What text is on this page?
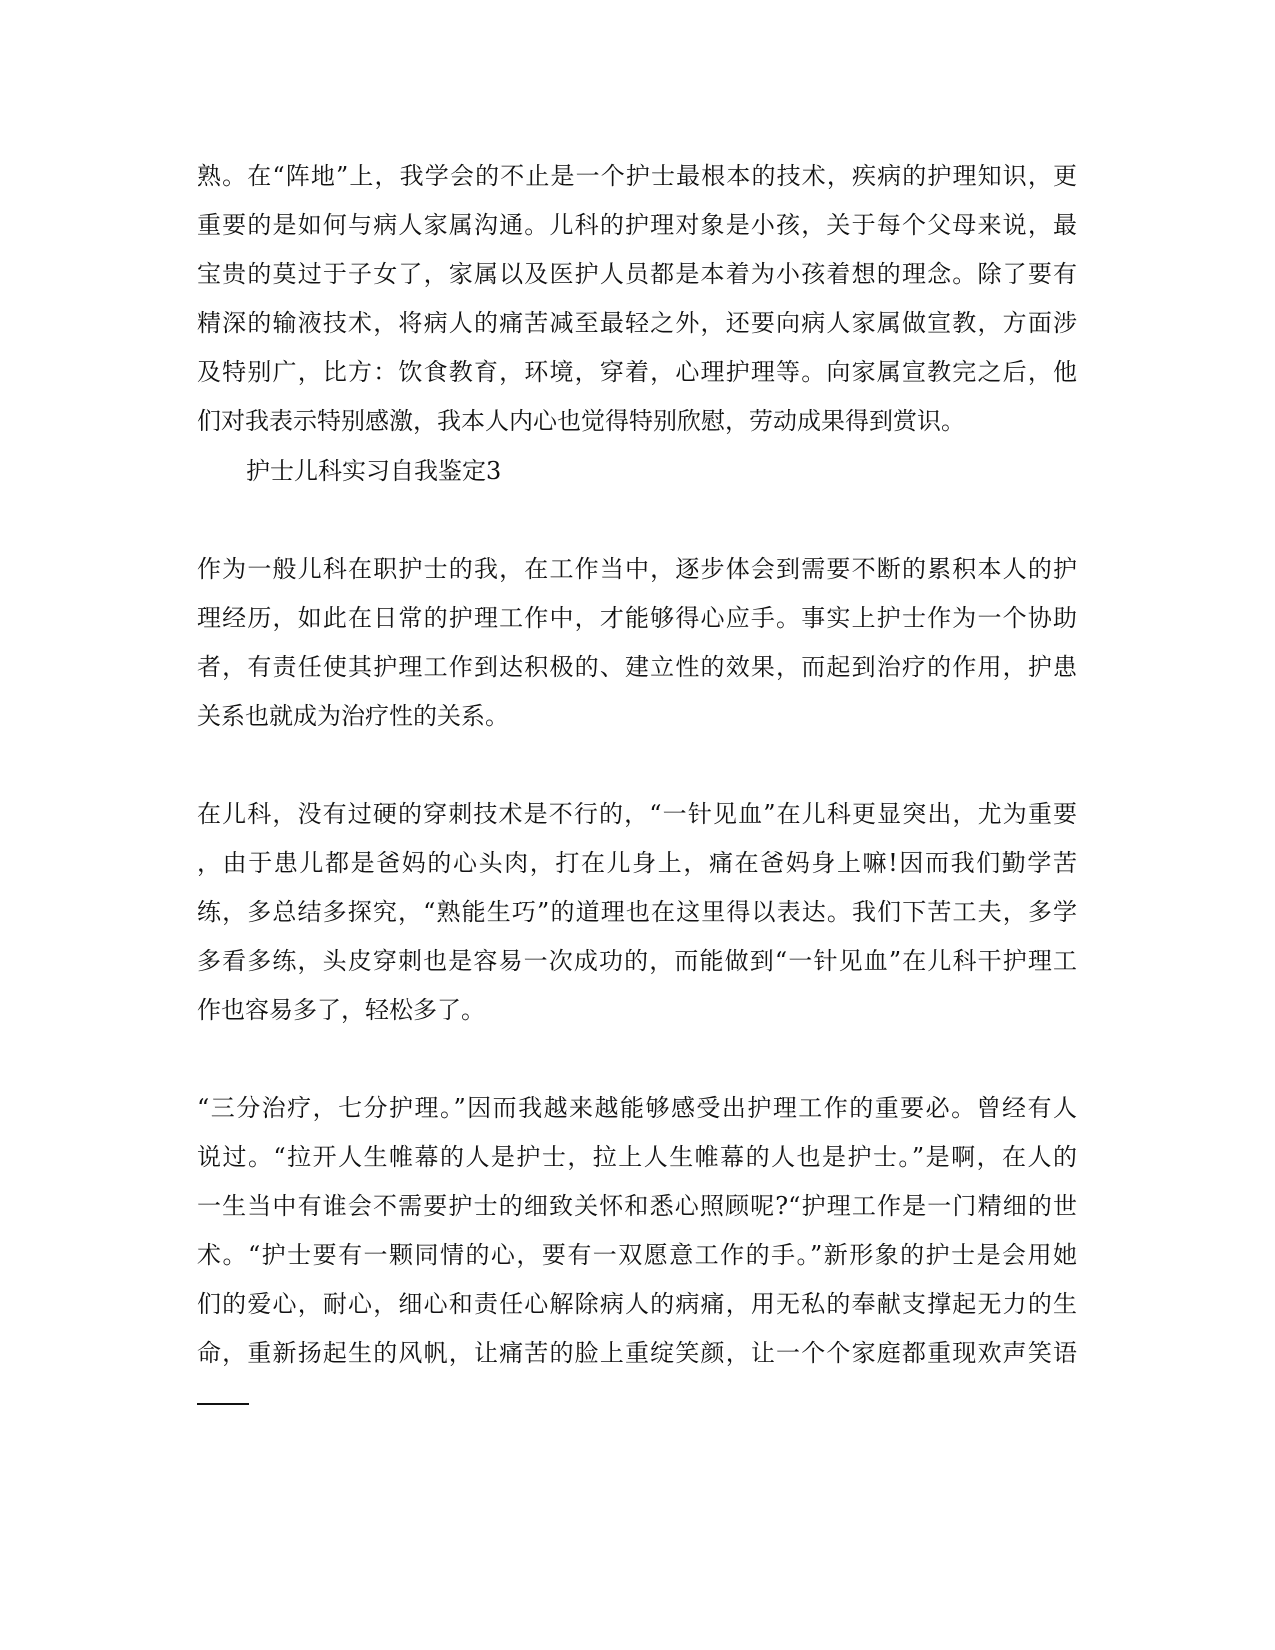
熟。在“阵地”上，我学会的不止是一个护士最根本的技术，疾病的护理知识，更
重要的是如何与病人家属沟通。儿科的护理对象是小孩，关于每个父母来说，最
宝贵的莫过于子女了，家属以及医护人员都是本着为小孩着想的理念。除了要有
精深的输液技术，将病人的痛苦减至最轻之外，还要向病人家属做宣教，方面涉
及特别广，比方：饮食教育，环境，穿着，心理护理等。向家属宣教完之后，他
们对我表示特别感激，我本人内心也觉得特别欣慰，劳动成果得到赏识。
护士儿科实习自我鉴定3
作为一般儿科在职护士的我，在工作当中，逐步体会到需要不断的累积本人的护
理经历，如此在日常的护理工作中，才能够得心应手。事实上护士作为一个协助
者，有责任使其护理工作到达积极的、建立性的效果，而起到治疗的作用，护患
关系也就成为治疗性的关系。
在儿科，没有过硬的穿刺技术是不行的，“一针见血”在儿科更显突出，尤为重要
，由于患儿都是爸妈的心头肉，打在儿身上，痛在爸妈身上嘛!因而我们勤学苦
练，多总结多探究，“熟能生巧”的道理也在这里得以表达。我们下苦工夫，多学
多看多练，头皮穿刺也是容易一次成功的，而能做到“一针见血”在儿科干护理工
作也容易多了，轻松多了。
“三分治疗，七分护理。”因而我越来越能够感受出护理工作的重要必。曾经有人
说过。“拉开人生帷幕的人是护士，拉上人生帷幕的人也是护士。”是啊，在人的
一生当中有谁会不需要护士的细致关怀和悉心照顾呢?“护理工作是一门精细的世
术。“护士要有一颗同情的心，要有一双愿意工作的手。”新形象的护士是会用她
们的爱心，耐心，细心和责任心解除病人的病痛，用无私的奉献支撑起无力的生
命，重新扬起生的风帆，让痛苦的脸上重绽笑颜，让一个个家庭都重现欢声笑语
